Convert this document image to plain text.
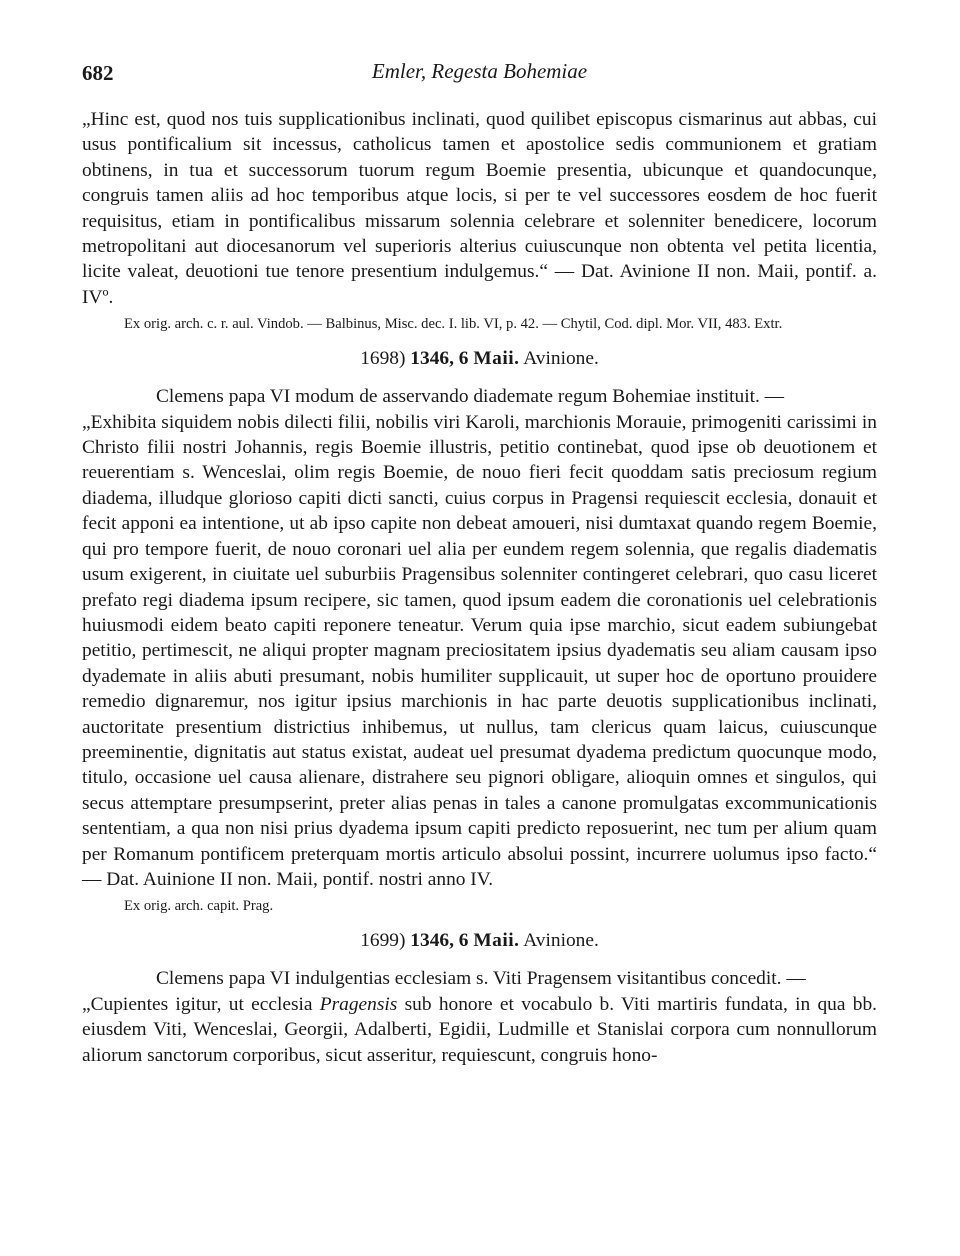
682	Emler, Regesta Bohemiae

„Hinc est, quod nos tuis supplicationibus inclinati, quod quilibet episcopus cismarinus aut abbas, cui usus pontificalium sit incessus, catholicus tamen et apostolice sedis communionem et gratiam obtinens, in tua et successorum tuorum regum Boemie presentia, ubicunque et quandocunque, congruis tamen aliis ad hoc temporibus atque locis, si per te vel successores eosdem de hoc fuerit requisitus, etiam in pontificalibus missarum solennia celebrare et solenniter benedicere, locorum metropolitani aut diocesanorum vel superioris alterius cuiuscunque non obtenta vel petita licentia, licite valeat, deuotioni tue tenore presentium indulgemus.“ — Dat. Avinione II non. Maii, pontif. a. IVº.

Ex orig. arch. c. r. aul. Vindob. — Balbinus, Misc. dec. I. lib. VI, p. 42. — Chytil, Cod. dipl. Mor. VII, 483. Extr.

1698) 1346, 6 Maii. Avinione.

Clemens papa VI modum de asservando diademate regum Bohemiae instituit. —

„Exhibita siquidem nobis dilecti filii, nobilis viri Karoli, marchionis Morauie, primogeniti carissimi in Christo filii nostri Johannis, regis Boemie illustris, petitio continebat, quod ipse ob deuotionem et reuerentiam s. Wenceslai, olim regis Boemie, de nouo fieri fecit quoddam satis preciosum regium diadema, illudque glorioso capiti dicti sancti, cuius corpus in Pragensi requiescit ecclesia, donauit et fecit apponi ea intentione, ut ab ipso capite non debeat amoueri, nisi dumtaxat quando regem Boemie, qui pro tempore fuerit, de nouo coronari uel alia per eundem regem solennia, que regalis diadematis usum exigerent, in ciuitate uel suburbiis Pragensibus solenniter contingeret celebrari, quo casu liceret prefato regi diadema ipsum recipere, sic tamen, quod ipsum eadem die coronationis uel celebrationis huiusmodi eidem beato capiti reponere teneatur. Verum quia ipse marchio, sicut eadem subiungebat petitio, pertimescit, ne aliqui propter magnam preciositatem ipsius dyadematis seu aliam causam ipso dyademate in aliis abuti presumant, nobis humiliter supplicauit, ut super hoc de oportuno prouidere remedio dignaremur, nos igitur ipsius marchionis in hac parte deuotis supplicationibus inclinati, auctoritate presentium districtius inhibemus, ut nullus, tam clericus quam laicus, cuiuscunque preeminentie, dignitatis aut status existat, audeat uel presumat dyadema predictum quocunque modo, titulo, occasione uel causa alienare, distrahere seu pignori obligare, alioquin omnes et singulos, qui secus attemptare presumpserint, preter alias penas in tales a canone promulgatas excommunicationis sententiam, a qua non nisi prius dyadema ipsum capiti predicto reposuerint, nec tum per alium quam per Romanum pontificem preterquam mortis articulo absolui possint, incurrere uolumus ipso facto.“ — Dat. Auinione II non. Maii, pontif. nostri anno IV.

Ex orig. arch. capit. Prag.

1699) 1346, 6 Maii. Avinione.

Clemens papa VI indulgentias ecclesiam s. Viti Pragensem visitantibus concedit. —

„Cupientes igitur, ut ecclesia Pragensis sub honore et vocabulo b. Viti martiris fundata, in qua bb. eiusdem Viti, Wenceslai, Georgii, Adalberti, Egidii, Ludmille et Stanislai corpora cum nonnullorum aliorum sanctorum corporibus, sicut asseritur, requiescunt, congruis hono-
